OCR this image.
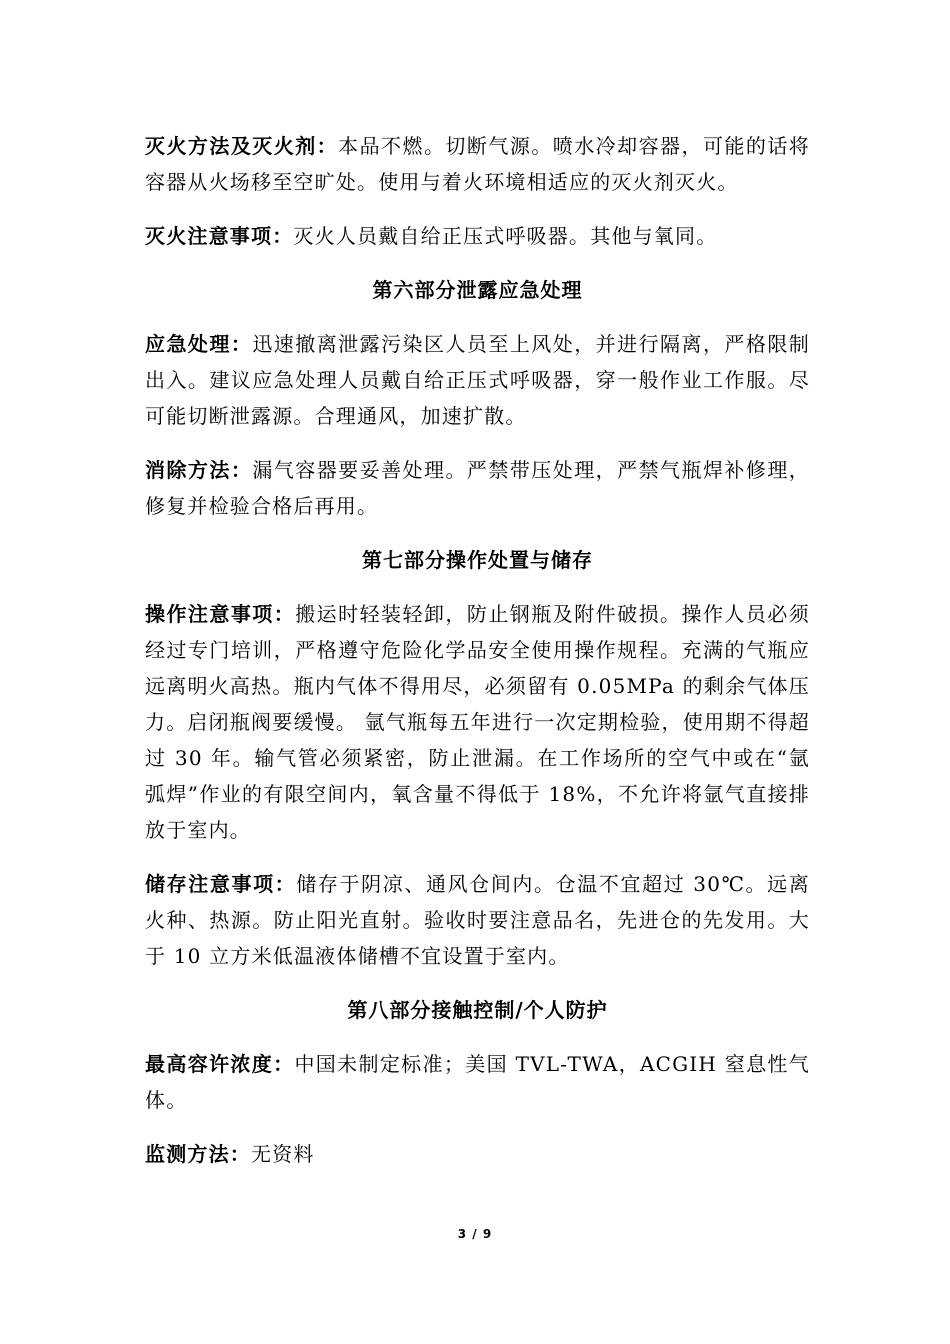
灭火方法及灭火剂：本品不燃。切断气源。喷水冷却容器，可能的话将容器从火场移至空旷处。使用与着火环境相适应的灭火剂灭火。

灭火注意事项：灭火人员戴自给正压式呼吸器。其他与氧同。

第六部分泄露应急处理

应急处理：迅速撤离泄露污染区人员至上风处，并进行隔离，严格限制出入。建议应急处理人员戴自给正压式呼吸器，穿一般作业工作服。尽可能切断泄露源。合理通风，加速扩散。

消除方法：漏气容器要妥善处理。严禁带压处理，严禁气瓶焊补修理，修复并检验合格后再用。

第七部分操作处置与储存

操作注意事项：搬运时轻装轻卸，防止钢瓶及附件破损。操作人员必须经过专门培训，严格遵守危险化学品安全使用操作规程。充满的气瓶应远离明火高热。瓶内气体不得用尽，必须留有 0.05MPa 的剩余气体压力。启闭瓶阀要缓慢。 氩气瓶每五年进行一次定期检验，使用期不得超过 30 年。输气管必须紧密，防止泄漏。在工作场所的空气中或在“氩弧焊”作业的有限空间内，氧含量不得低于 18%，不允许将氩气直接排放于室内。

储存注意事项：储存于阴凉、通风仓间内。仓温不宜超过 30℃。远离火种、热源。防止阳光直射。验收时要注意品名，先进仓的先发用。大于 10 立方米低温液体储槽不宜设置于室内。

第八部分接触控制/个人防护

最高容许浓度：中国未制定标准；美国 TVL-TWA，ACGIH 窒息性气体。

监测方法：无资料

3 / 9
